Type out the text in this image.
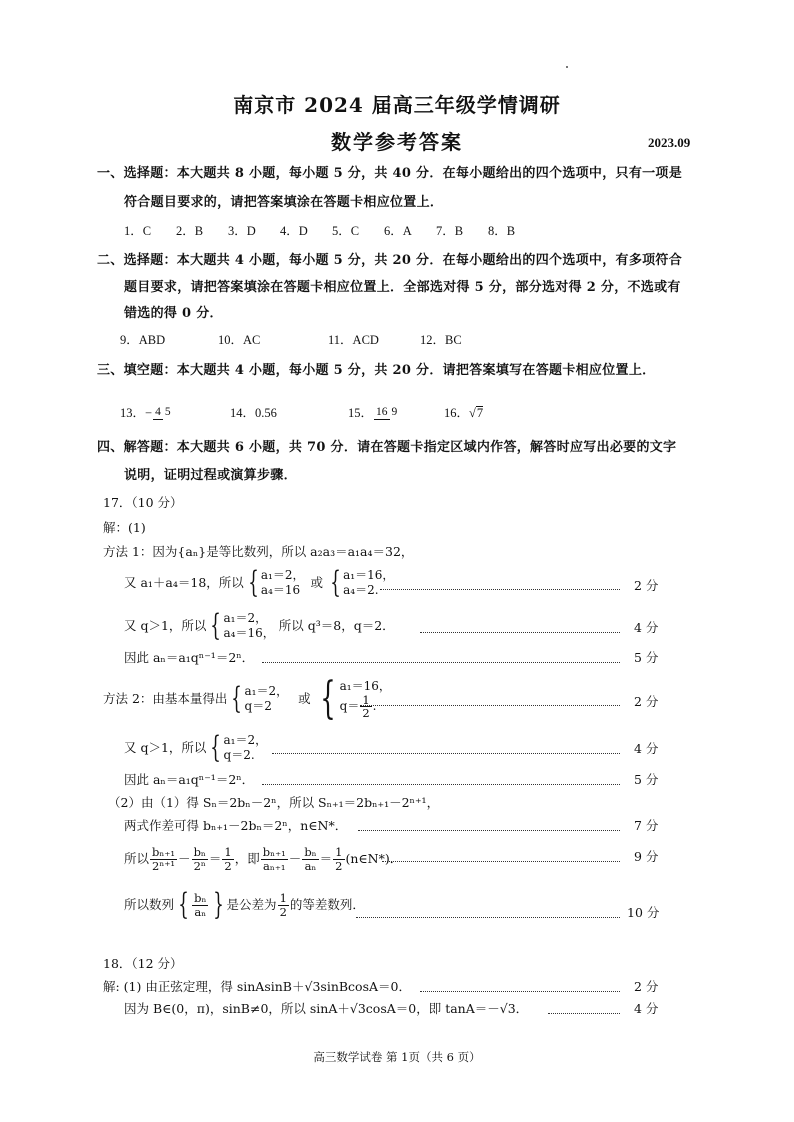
南京市 2024 届高三年级学情调研
数学参考答案	2023.09
一、选择题：本大题共 8 小题，每小题 5 分，共 40 分．在每小题给出的四个选项中，只有一项是
符合题目要求的，请把答案填涂在答题卡相应位置上．
1．C 2．B 3．D 4．D 5．C 6．A 7．B 8．B
二、选择题：本大题共 4 小题，每小题 5 分，共 20 分．在每小题给出的四个选项中，有多项符合
题目要求，请把答案填涂在答题卡相应位置上．全部选对得 5 分，部分选对得 2 分，不选或有
错选的得 0 分．
9．ABD	10．AC	11．ACD	12．BC
三、填空题：本大题共 4 小题，每小题 5 分，共 20 分．请把答案填写在答题卡相应位置上．
13． − 4 5	14．0.56	15． 16 9	16． √ 7
四、解答题：本大题共 6 小题，共 70 分．请在答题卡指定区域内作答，解答时应写出必要的文字
说明，证明过程或演算步骤．
17．（10 分）
解：(1)
方法 1：因为{aₙ}是等比数列，所以 a₂a₃＝a₁a₄＝32，
又 a₁＋a₄＝18，所以 { a₁＝2，
a₄＝16
或 { a₁＝16，
a₄＝2.	2 分
又 q＞1，所以 { a₁＝2，
a₄＝16，
所以 q³＝8，q＝2．	4 分
因此 aₙ＝a₁qⁿ⁻¹＝2ⁿ．	5 分
方法 2：由基本量得出 { a₁＝2，
q＝2
或 { a₁＝16，
$q= \frac{1}{2}$ .	2 分
又 q＞1，所以 { a₁＝2，
q＝2.	4 分
因此 aₙ＝a₁qⁿ⁻¹＝2ⁿ．	5 分
（2）由（1）得 Sₙ＝2bₙ－2ⁿ，所以 Sₙ₊₁＝2bₙ₊₁－2ⁿ⁺¹，
两式作差可得 bₙ₊₁－2bₙ＝2ⁿ，n∈N*．	7 分
所以 $\frac{\text{bₙ₊₁}}{\text{2ⁿ⁺¹}} - \frac{\text{bₙ}}{\text{2ⁿ}} = \frac{1}{2}$ ，即 $\frac{\text{bₙ₊₁}}{\text{aₙ₊₁}} - \frac{\text{bₙ}}{\text{aₙ}} = \frac{1}{2}$ (n∈N*)．	9 分
所以数列 { $\frac{\text{bₙ}}{\text{aₙ}}$ } 是公差为 $\frac{1}{2}$ 的等差数列．
10 分
18．（12 分）
解: (1) 由正弦定理，得 sinAsinB＋√3sinBcosA＝0．	2 分
因为 B∈(0，π)，sinB≠0，所以 sinA＋√3cosA＝0，即 tanA＝－√3．	4 分
高三数学试卷 第 1页（共 6 页）
